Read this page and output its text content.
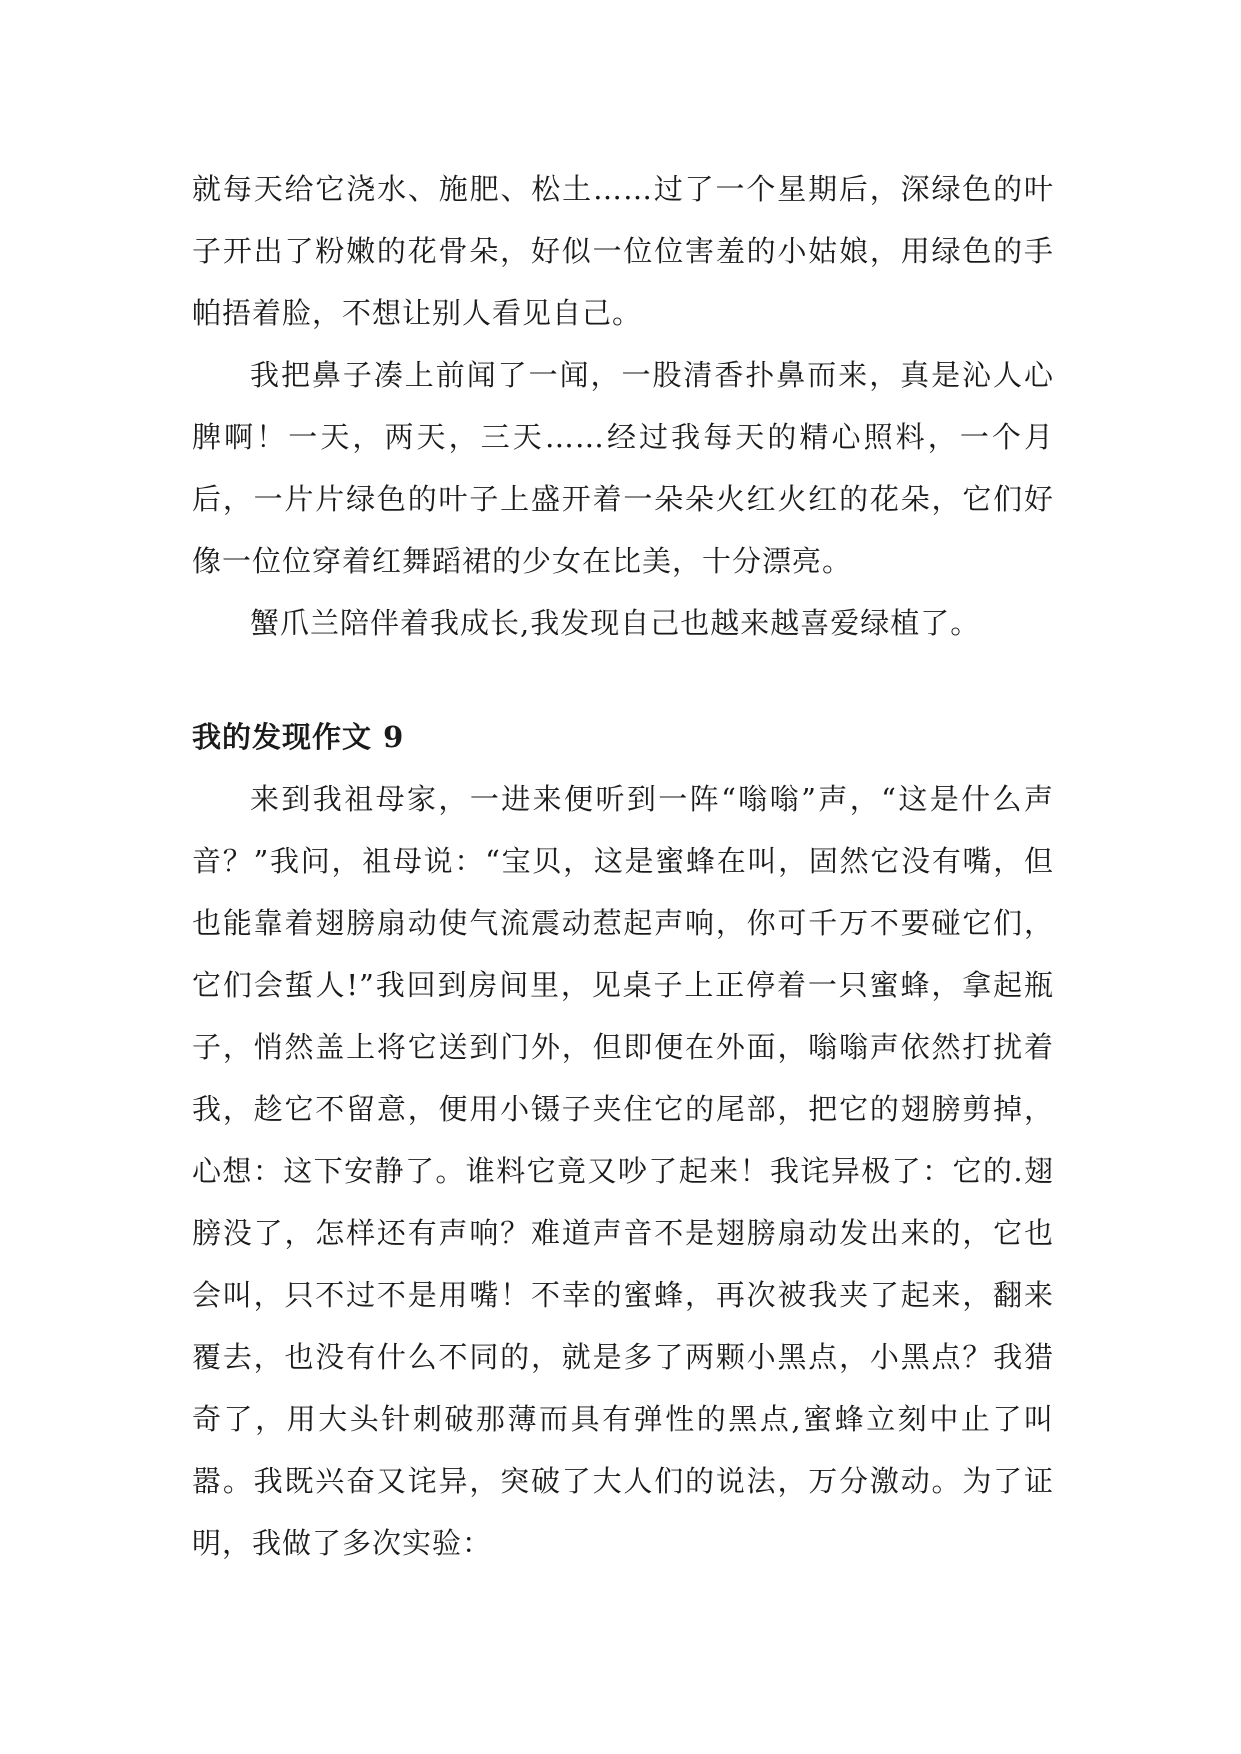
就每天给它浇水、施肥、松土……过了一个星期后，深绿色的叶子开出了粉嫩的花骨朵，好似一位位害羞的小姑娘，用绿色的手帕捂着脸，不想让别人看见自己。

我把鼻子凑上前闻了一闻，一股清香扑鼻而来，真是沁人心脾啊！一天，两天，三天……经过我每天的精心照料，一个月后，一片片绿色的叶子上盛开着一朵朵火红火红的花朵，它们好像一位位穿着红舞蹈裙的少女在比美，十分漂亮。

蟹爪兰陪伴着我成长,我发现自己也越来越喜爱绿植了。

我的发现作文 9

来到我祖母家，一进来便听到一阵“嗡嗡”声，“这是什么声音？”我问，祖母说：“宝贝，这是蜜蜂在叫，固然它没有嘴，但也能靠着翅膀扇动使气流震动惹起声响，你可千万不要碰它们，它们会蜇人!”我回到房间里，见桌子上正停着一只蜜蜂，拿起瓶子，悄然盖上将它送到门外，但即便在外面，嗡嗡声依然打扰着我，趁它不留意，便用小镊子夹住它的尾部，把它的翅膀剪掉，心想：这下安静了。谁料它竟又吵了起来！我诧异极了：它的.翅膀没了，怎样还有声响？难道声音不是翅膀扇动发出来的，它也会叫，只不过不是用嘴！不幸的蜜蜂，再次被我夹了起来，翻来覆去，也没有什么不同的，就是多了两颗小黑点，小黑点？我猎奇了，用大头针刺破那薄而具有弹性的黑点,蜜蜂立刻中止了叫嚣。我既兴奋又诧异，突破了大人们的说法，万分激动。为了证明，我做了多次实验：
